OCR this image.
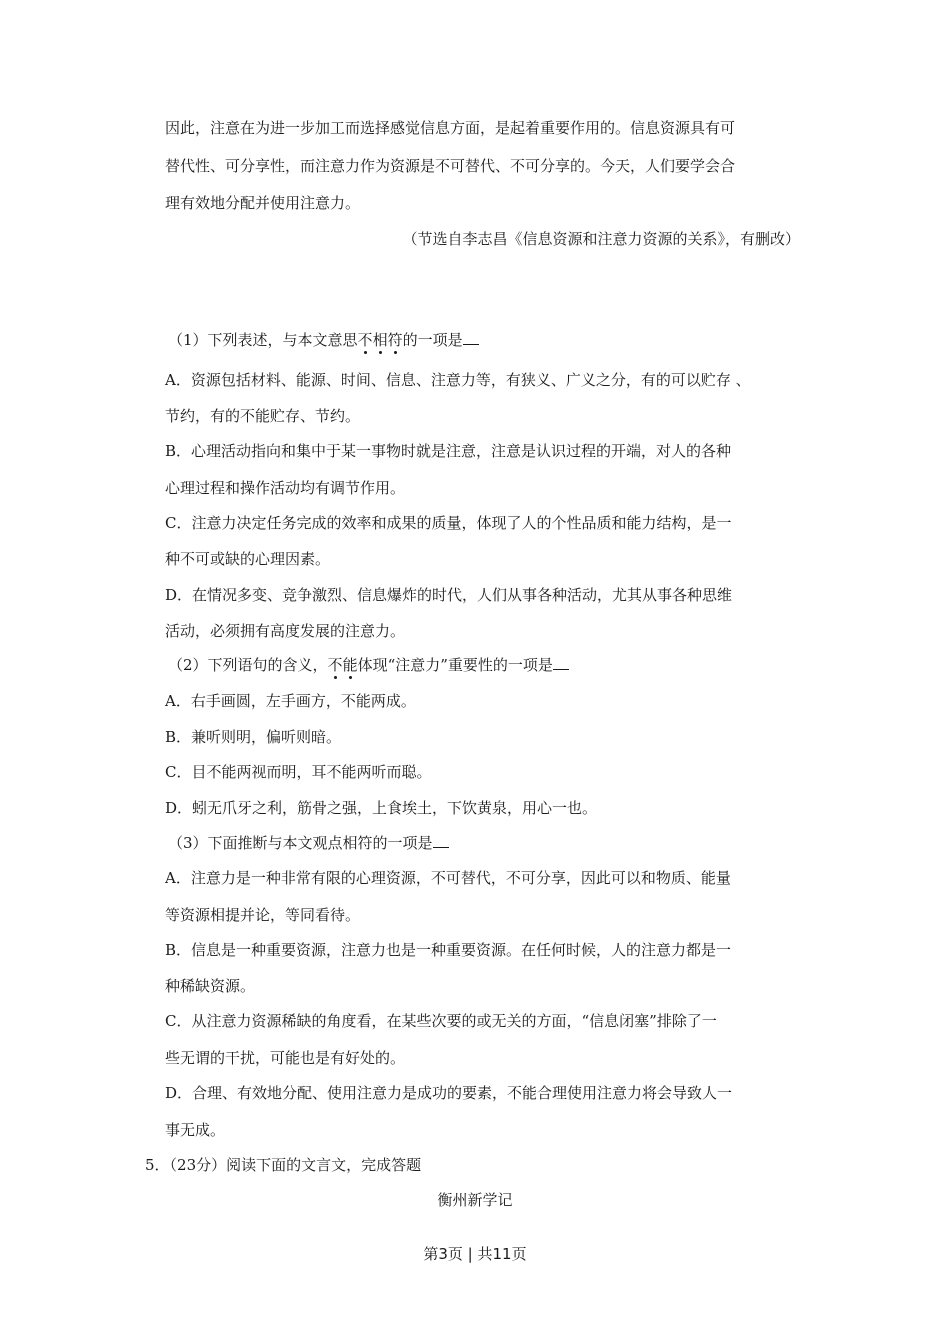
因此，注意在为进一步加工而选择感觉信息方面，是起着重要作用的。信息资源具有可
替代性、可分享性，而注意力作为资源是不可替代、不可分享的。今天，人们要学会合
理有效地分配并使用注意力。
（节选自李志昌《信息资源和注意力资源的关系》，有删改）
（1）下列表述，与本文意思不相符的一项是
A．资源包括材料、能源、时间、信息、注意力等，有狭义、广义之分，有的可以贮存 、
节约，有的不能贮存、节约。
B．心理活动指向和集中于某一事物时就是注意，注意是认识过程的开端，对人的各种
心理过程和操作活动均有调节作用。
C．注意力决定任务完成的效率和成果的质量，体现了人的个性品质和能力结构，是一
种不可或缺的心理因素。
D．在情况多变、竞争激烈、信息爆炸的时代，人们从事各种活动，尤其从事各种思维
活动，必须拥有高度发展的注意力。
（2）下列语句的含义，不能体现“注意力”重要性的一项是
A．右手画圆，左手画方，不能两成。
B．兼听则明，偏听则暗。
C．目不能两视而明，耳不能两听而聪。
D．蚓无爪牙之利，筋骨之强，上食埃土，下饮黄泉，用心一也。
（3）下面推断与本文观点相符的一项是
A．注意力是一种非常有限的心理资源，不可替代，不可分享，因此可以和物质、能量
等资源相提并论，等同看待。
B．信息是一种重要资源，注意力也是一种重要资源。在任何时候，人的注意力都是一
种稀缺资源。
C．从注意力资源稀缺的角度看，在某些次要的或无关的方面，“信息闭塞”排除了一
些无谓的干扰，可能也是有好处的。
D．合理、有效地分配、使用注意力是成功的要素，不能合理使用注意力将会导致人一
事无成。
5．（23分）阅读下面的文言文，完成答题
衡州新学记
第3页 | 共11页
